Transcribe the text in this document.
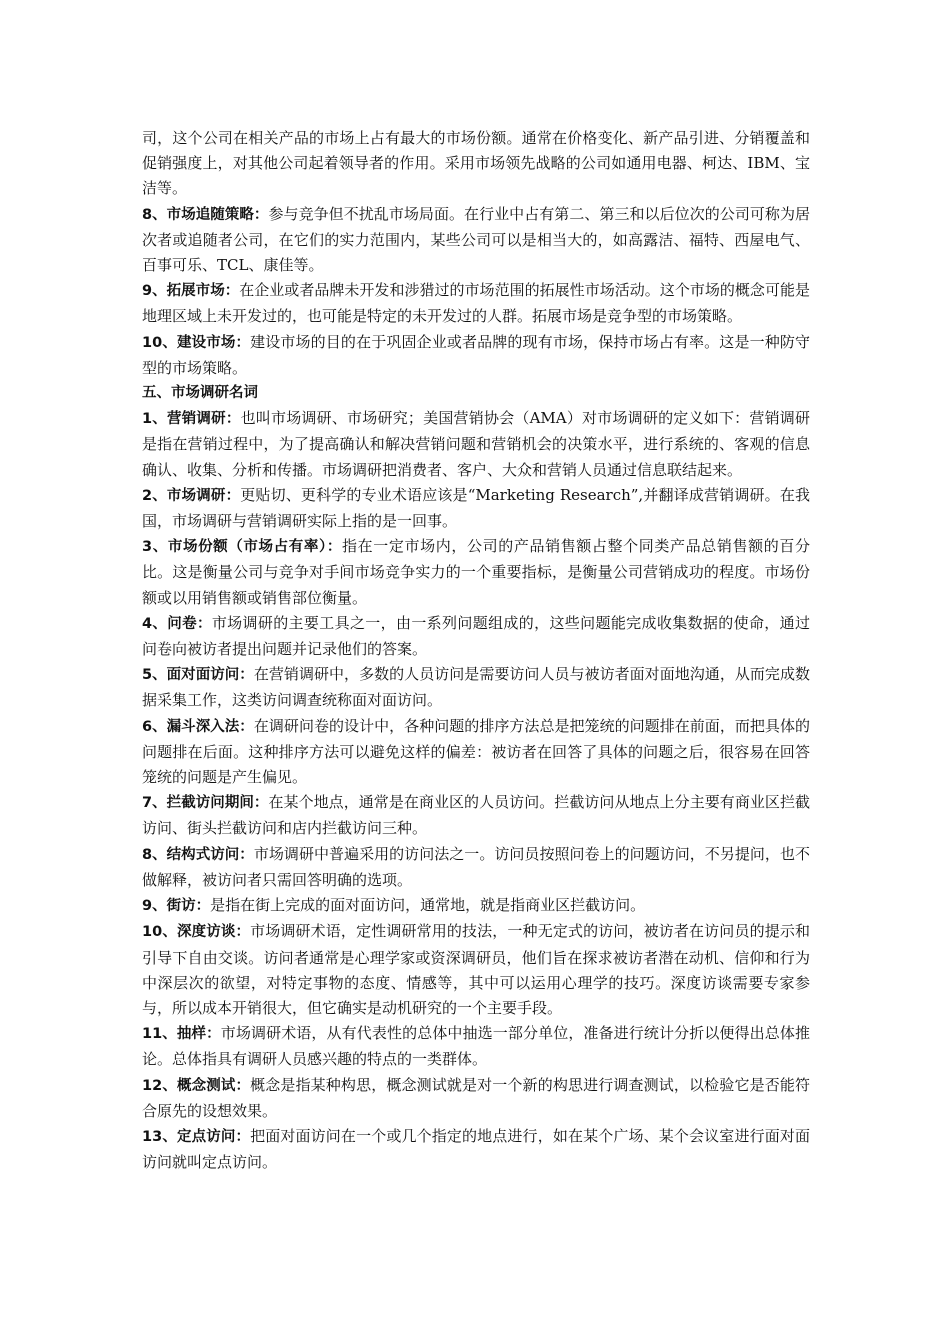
司，这个公司在相关产品的市场上占有最大的市场份额。通常在价格变化、新产品引进、分销覆盖和促销强度上，对其他公司起着领导者的作用。采用市场领先战略的公司如通用电器、柯达、IBM、宝洁等。

8、市场追随策略：参与竞争但不扰乱市场局面。在行业中占有第二、第三和以后位次的公司可称为居次者或追随者公司，在它们的实力范围内，某些公司可以是相当大的，如高露洁、福特、西屋电气、百事可乐、TCL、康佳等。

9、拓展市场：在企业或者品牌未开发和涉猎过的市场范围的拓展性市场活动。这个市场的概念可能是地理区域上未开发过的，也可能是特定的未开发过的人群。拓展市场是竞争型的市场策略。

10、建设市场：建设市场的目的在于巩固企业或者品牌的现有市场，保持市场占有率。这是一种防守型的市场策略。

五、市场调研名词

1、营销调研：也叫市场调研、市场研究；美国营销协会（AMA）对市场调研的定义如下：营销调研是指在营销过程中，为了提高确认和解决营销问题和营销机会的决策水平，进行系统的、客观的信息确认、收集、分析和传播。市场调研把消费者、客户、大众和营销人员通过信息联结起来。

2、市场调研：更贴切、更科学的专业术语应该是“Marketing Research”,并翻译成营销调研。在我国，市场调研与营销调研实际上指的是一回事。

3、市场份额（市场占有率）：指在一定市场内，公司的产品销售额占整个同类产品总销售额的百分比。这是衡量公司与竞争对手间市场竞争实力的一个重要指标，是衡量公司营销成功的程度。市场份额或以用销售额或销售部位衡量。

4、问卷：市场调研的主要工具之一，由一系列问题组成的，这些问题能完成收集数据的使命，通过问卷向被访者提出问题并记录他们的答案。

5、面对面访问：在营销调研中，多数的人员访问是需要访问人员与被访者面对面地沟通，从而完成数据采集工作，这类访问调查统称面对面访问。

6、漏斗深入法：在调研问卷的设计中，各种问题的排序方法总是把笼统的问题排在前面，而把具体的问题排在后面。这种排序方法可以避免这样的偏差：被访者在回答了具体的问题之后，很容易在回答笼统的问题是产生偏见。

7、拦截访问期间：在某个地点，通常是在商业区的人员访问。拦截访问从地点上分主要有商业区拦截访问、街头拦截访问和店内拦截访问三种。

8、结构式访问：市场调研中普遍采用的访问法之一。访问员按照问卷上的问题访问，不另提问，也不做解释，被访问者只需回答明确的选项。

9、街访：是指在街上完成的面对面访问，通常地，就是指商业区拦截访问。

10、深度访谈：市场调研术语，定性调研常用的技法，一种无定式的访问，被访者在访问员的提示和引导下自由交谈。访问者通常是心理学家或资深调研员，他们旨在探求被访者潜在动机、信仰和行为中深层次的欲望，对特定事物的态度、情感等，其中可以运用心理学的技巧。深度访谈需要专家参与，所以成本开销很大，但它确实是动机研究的一个主要手段。

11、抽样：市场调研术语，从有代表性的总体中抽选一部分单位，准备进行统计分折以便得出总体推论。总体指具有调研人员感兴趣的特点的一类群体。

12、概念测试：概念是指某种构思，概念测试就是对一个新的构思进行调查测试，以检验它是否能符合原先的设想效果。

13、定点访问：把面对面访问在一个或几个指定的地点进行，如在某个广场、某个会议室进行面对面访问就叫定点访问。
